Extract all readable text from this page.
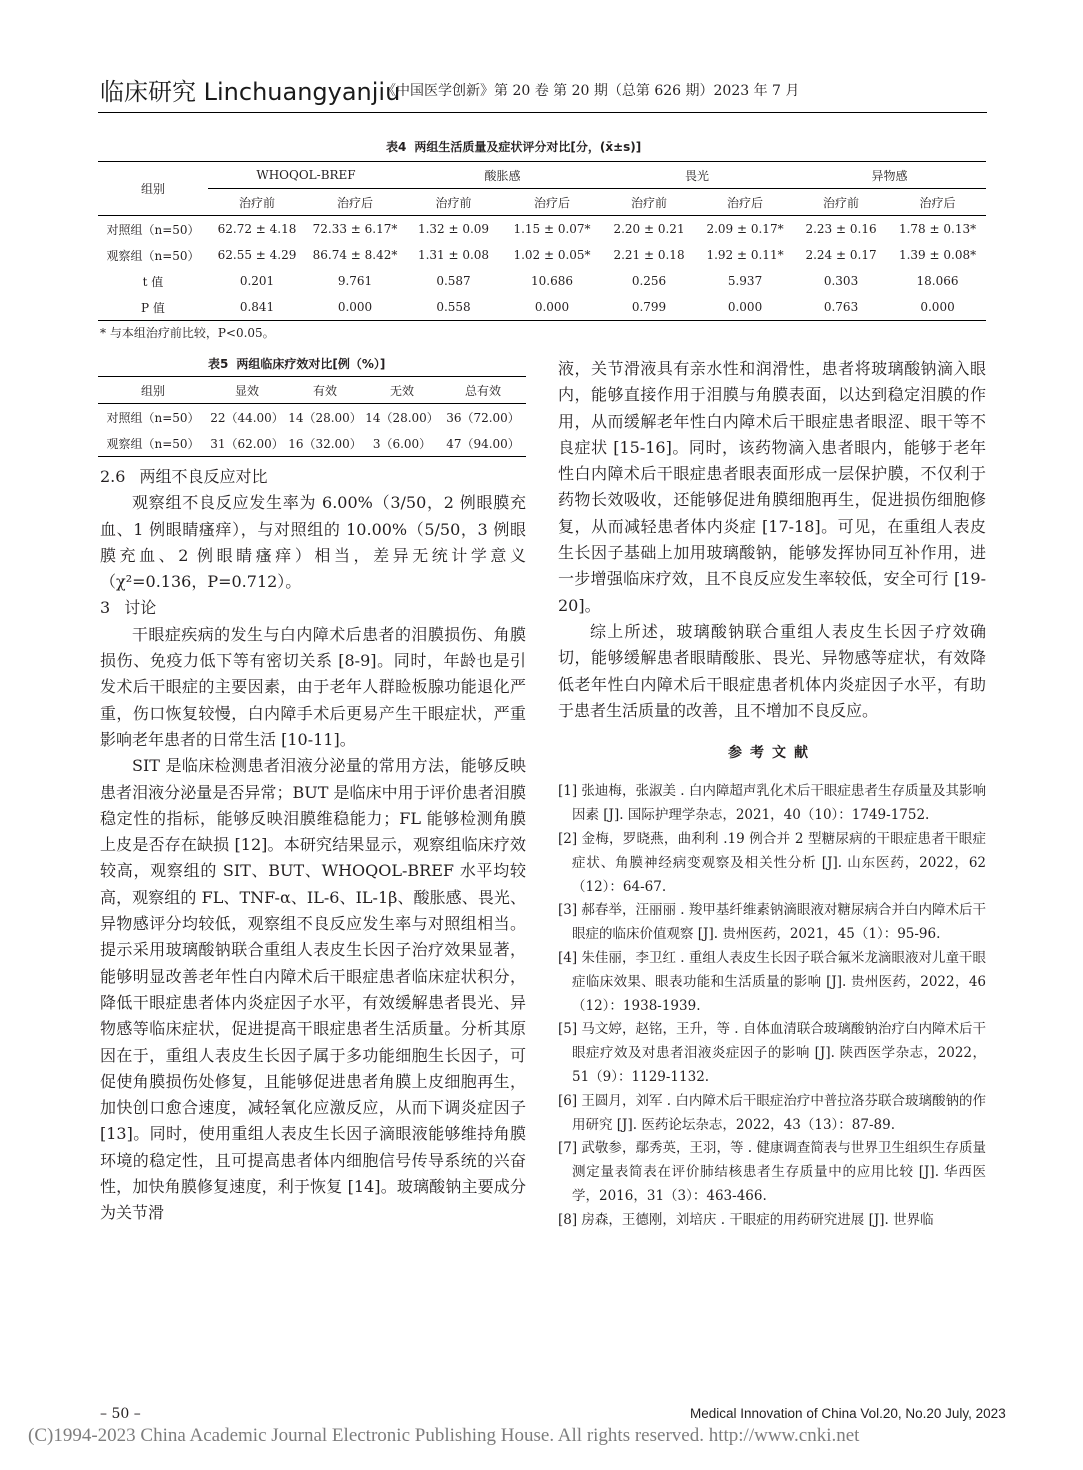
临床研究 Linchuangyanjiu
《中国医学创新》第 20 卷 第 20 期（总第 626 期）2023 年 7 月
表4 两组生活质量及症状评分对比[分，(x̄±s)]
组别	WHOQOL-BREF		酸胀感		畏光		异物感	
	治疗前	治疗后	治疗前	治疗后	治疗前	治疗后	治疗前	治疗后
对照组（n=50）	62.72 ± 4.18	72.33 ± 6.17*	1.32 ± 0.09	1.15 ± 0.07*	2.20 ± 0.21	2.09 ± 0.17*	2.23 ± 0.16	1.78 ± 0.13*
观察组（n=50）	62.55 ± 4.29	86.74 ± 8.42*	1.31 ± 0.08	1.02 ± 0.05*	2.21 ± 0.18	1.92 ± 0.11*	2.24 ± 0.17	1.39 ± 0.08*
t 值	0.201	9.761	0.587	10.686	0.256	5.937	0.303	18.066
P 值	0.841	0.000	0.558	0.000	0.799	0.000	0.763	0.000
* 与本组治疗前比较，P<0.05。
表5 两组临床疗效对比[例（%）]
组别	显效	有效	无效	总有效
对照组（n=50）	22（44.00）	14（28.00）	14（28.00）	36（72.00）
观察组（n=50）	31（62.00）	16（32.00）	3（6.00）	47（94.00）

2.6 两组不良反应对比

观察组不良反应发生率为 6.00%（3/50，2 例眼膜充血、1 例眼睛瘙痒），与对照组的 10.00%（5/50，3 例眼膜充血、2 例眼睛瘙痒）相当，差异无统计学意义（χ²=0.136，P=0.712）。

3 讨论

干眼症疾病的发生与白内障术后患者的泪膜损伤、角膜损伤、免疫力低下等有密切关系 [8-9]。同时，年龄也是引发术后干眼症的主要因素，由于老年人群睑板腺功能退化严重，伤口恢复较慢，白内障手术后更易产生干眼症状，严重影响老年患者的日常生活 [10-11]。

SIT 是临床检测患者泪液分泌量的常用方法，能够反映患者泪液分泌量是否异常；BUT 是临床中用于评价患者泪膜稳定性的指标，能够反映泪膜维稳能力；FL 能够检测角膜上皮是否存在缺损 [12]。本研究结果显示，观察组临床疗效较高，观察组的 SIT、BUT、WHOQOL-BREF 水平均较高，观察组的 FL、TNF-α、IL-6、IL-1β、酸胀感、畏光、异物感评分均较低，观察组不良反应发生率与对照组相当。提示采用玻璃酸钠联合重组人表皮生长因子治疗效果显著，能够明显改善老年性白内障术后干眼症患者临床症状积分，降低干眼症患者体内炎症因子水平，有效缓解患者畏光、异物感等临床症状，促进提高干眼症患者生活质量。分析其原因在于，重组人表皮生长因子属于多功能细胞生长因子，可促使角膜损伤处修复，且能够促进患者角膜上皮细胞再生，加快创口愈合速度，减轻氧化应激反应，从而下调炎症因子 [13]。同时，使用重组人表皮生长因子滴眼液能够维持角膜环境的稳定性，且可提高患者体内细胞信号传导系统的兴奋性，加快角膜修复速度，利于恢复 [14]。玻璃酸钠主要成分为关节滑

液，关节滑液具有亲水性和润滑性，患者将玻璃酸钠滴入眼内，能够直接作用于泪膜与角膜表面，以达到稳定泪膜的作用，从而缓解老年性白内障术后干眼症患者眼涩、眼干等不良症状 [15-16]。同时，该药物滴入患者眼内，能够于老年性白内障术后干眼症患者眼表面形成一层保护膜，不仅利于药物长效吸收，还能够促进角膜细胞再生，促进损伤细胞修复，从而减轻患者体内炎症 [17-18]。可见，在重组人表皮生长因子基础上加用玻璃酸钠，能够发挥协同互补作用，进一步增强临床疗效，且不良反应发生率较低，安全可行 [19-20]。

综上所述，玻璃酸钠联合重组人表皮生长因子疗效确切，能够缓解患者眼睛酸胀、畏光、异物感等症状，有效降低老年性白内障术后干眼症患者机体内炎症因子水平，有助于患者生活质量的改善，且不增加不良反应。

参考文献

[1] 张迪梅，张淑美 . 白内障超声乳化术后干眼症患者生存质量及其影响因素 [J]. 国际护理学杂志，2021，40（10）：1749-1752.

[2] 金梅，罗晓燕，曲利利 .19 例合并 2 型糖尿病的干眼症患者干眼症症状、角膜神经病变观察及相关性分析 [J]. 山东医药，2022，62（12）：64-67.

[3] 郝春举，汪丽丽 . 羧甲基纤维素钠滴眼液对糖尿病合并白内障术后干眼症的临床价值观察 [J]. 贵州医药，2021，45（1）：95-96.

[4] 朱佳丽，李卫红 . 重组人表皮生长因子联合氟米龙滴眼液对儿童干眼症临床效果、眼表功能和生活质量的影响 [J]. 贵州医药，2022，46（12）：1938-1939.

[5] 马文婷，赵铭，王升，等 . 自体血清联合玻璃酸钠治疗白内障术后干眼症疗效及对患者泪液炎症因子的影响 [J]. 陕西医学杂志，2022，51（9）：1129-1132.

[6] 王圆月，刘军 . 白内障术后干眼症治疗中普拉洛芬联合玻璃酸钠的作用研究 [J]. 医药论坛杂志，2022，43（13）：87-89.

[7] 武敬参，鄢秀英，王羽，等 . 健康调查简表与世界卫生组织生存质量测定量表简表在评价肺结核患者生存质量中的应用比较 [J]. 华西医学，2016，31（3）：463-466.

[8] 房森，王德刚，刘培庆 . 干眼症的用药研究进展 [J]. 世界临

– 50 –	Medical Innovation of China Vol.20, No.20 July, 2023
(C)1994-2023 China Academic Journal Electronic Publishing House. All rights reserved. http://www.cnki.net
